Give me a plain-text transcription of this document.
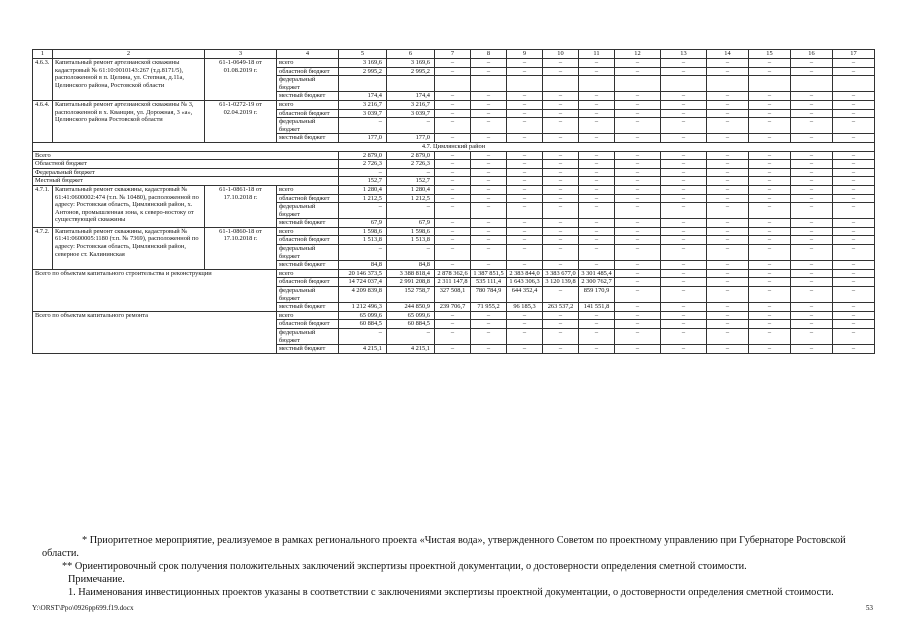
1	2	3	4	5	6	7	8	9	10	11	12	13	14	15	16	17
4.6.3.	Капитальный ремонт артезианской скважины кадастровый № 61:10:0010143:267 (т.д.8171/5), расположенной в п. Целина, ул. Степная, д.11а, Целинского района, Ростовской области	61-1-0649-18 от 01.08.2019 г.	всего	3 169,6	3 169,6	–	–	–	–	–	–	–	–	–	–	–
			областной бюджет	2 995,2	2 995,2	–	–	–	–	–	–	–	–	–	–	–
			федеральный бюджет													
			местный бюджет	174,4	174,4	–	–	–	–	–	–	–	–	–	–	–
4.6.4.	Капитальный ремонт артезианской скважины № 3, расположенной в х. Кванцин, ул. Дорожная, 3 «а», Целинского района Ростовской области	61-1-0272-19 от 02.04.2019 г.	всего	3 216,7	3 216,7	–	–	–	–	–	–	–	–	–	–	–
			областной бюджет	3 039,7	3 039,7	–	–	–	–	–	–	–	–	–	–	–
			федеральный бюджет	–	–	–	–	–	–	–	–	–	–	–	–	–
			местный бюджет	177,0	177,0	–	–	–	–	–	–	–	–	–	–	–
4.7. Цимлянский район																
Всего				2 879,0	2 879,0	–	–	–	–	–	–	–	–	–	–	–
Областной бюджет				2 726,3	2 726,3	–	–	–	–	–	–	–	–	–	–	–
Федеральный бюджет				–	–	–	–	–	–	–	–	–	–	–	–	–
Местный бюджет				152,7	152,7	–	–	–	–	–	–	–	–	–	–	–
4.7.1.	Капитальный ремонт скважины, кадастровый № 61:41:0600002:474 (т.п. № 10480), расположенной по адресу: Ростовская область, Цимлянский район, х. Антонов, промышленная зона, к северо-востоку от существующей скважины	61-1-0861-18 от 17.10.2018 г.	всего	1 280,4	1 280,4	–	–	–	–	–	–	–	–	–	–	–
			областной бюджет	1 212,5	1 212,5	–	–	–	–	–	–	–	–	–	–	–
			федеральный бюджет	–	–	–	–	–	–	–	–	–	–	–	–	–
			местный бюджет	67,9	67,9	–	–	–	–	–	–	–	–	–	–	–
4.7.2.	Капитальный ремонт скважины, кадастровый № 61:41:0600005:1180 (т.п. № 7369), расположенной по адресу: Ростовская область, Цимлянский район, северное ст. Калининская	61-1-0860-18 от 17.10.2018 г.	всего	1 598,6	1 598,6	–	–	–	–	–	–	–	–	–	–	–
			областной бюджет	1 513,8	1 513,8	–	–	–	–	–	–	–	–	–	–	–
			федеральный бюджет	–	–	–	–	–	–	–	–	–	–	–	–	–
			местный бюджет	84,8	84,8	–	–	–	–	–	–	–	–	–	–	–
Всего по объектам капитального строительства и реконструкции			всего	20 146 373,5	3 388 818,4	2 878 362,6	1 387 851,5	2 383 844,0	3 383 677,0	3 301 485,4	–	–	–	–	–	–
			областной бюджет	14 724 037,4	2 991 208,8	2 311 147,8	535 111,4	1 643 306,3	3 120 139,8	2 300 762,7	–	–	–	–	–	–
			федеральный бюджет	4 209 839,8	152 758,7	327 508,1	780 784,9	644 352,4	–	859 170,9	–	–	–	–	–	–
			местный бюджет	1 212 496,3	244 850,9	239 706,7	71 955,2	96 185,3	263 537,2	141 551,8	–	–	–	–	–	–
Всего по объектам капитального ремонта			всего	65 099,6	65 099,6	–	–	–	–	–	–	–	–	–	–	–
			областной бюджет	60 884,5	60 884,5	–	–	–	–	–	–	–	–	–	–	–
			федеральный бюджет	–	–	–	–	–	–	–	–	–	–	–	–	–
			местный бюджет	4 215,1	4 215,1	–	–	–	–	–	–	–	–	–	–	–
* Приоритетное мероприятие, реализуемое в рамках регионального проекта «Чистая вода», утвержденного Советом по проектному управлению при Губернаторе Ростовской области.
** Ориентировочный срок получения положительных заключений экспертизы проектной документации, о достоверности определения сметной стоимости.
Примечание.
1. Наименования инвестиционных проектов указаны в соответствии с заключениями экспертизы проектной документации, о достоверности определения сметной стоимости.
Y:\ORST\Ppo\0926pp699.f19.docx	53
